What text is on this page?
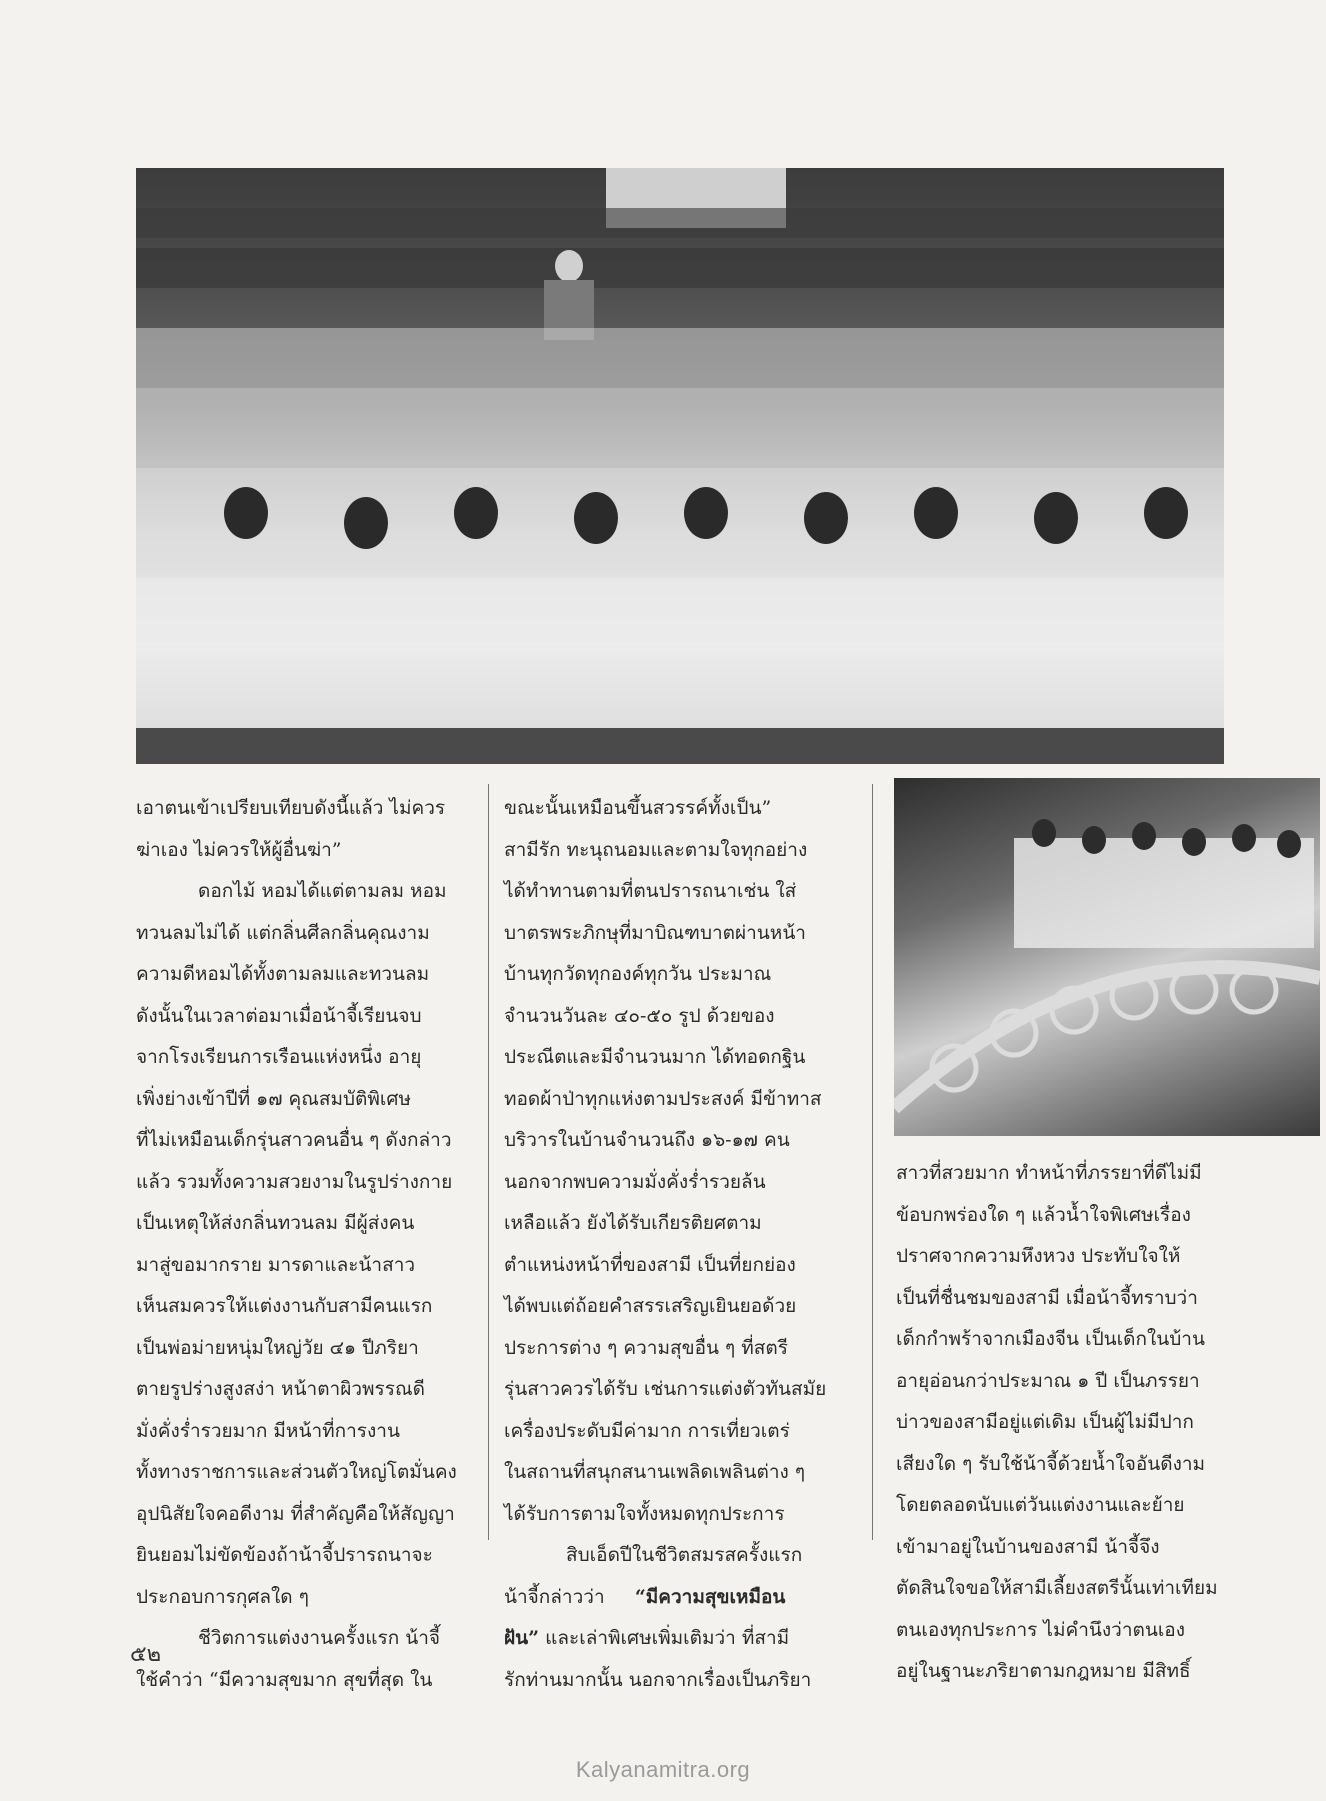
เอาตนเข้าเปรียบเทียบดังนี้แล้ว ไม่ควร

ฆ่าเอง ไม่ควรให้ผู้อื่นฆ่า”

ดอกไม้ หอมได้แต่ตามลม หอม

ทวนลมไม่ได้ แต่กลิ่นศีลกลิ่นคุณงาม

ความดีหอมได้ทั้งตามลมและทวนลม

ดังนั้นในเวลาต่อมาเมื่อน้าจี้เรียนจบ

จากโรงเรียนการเรือนแห่งหนึ่ง อายุ

เพิ่งย่างเข้าปีที่ ๑๗ คุณสมบัติพิเศษ

ที่ไม่เหมือนเด็กรุ่นสาวคนอื่น ๆ ดังกล่าว

แล้ว รวมทั้งความสวยงามในรูปร่างกาย

เป็นเหตุให้ส่งกลิ่นทวนลม มีผู้ส่งคน

มาสู่ขอมากราย มารดาและน้าสาว

เห็นสมควรให้แต่งงานกับสามีคนแรก

เป็นพ่อม่ายหนุ่มใหญ่วัย ๔๑ ปีภริยา

ตายรูปร่างสูงสง่า หน้าตาผิวพรรณดี

มั่งคั่งร่ำรวยมาก มีหน้าที่การงาน

ทั้งทางราชการและส่วนตัวใหญ่โตมั่นคง

อุปนิสัยใจคอดีงาม ที่สำคัญคือให้สัญญา

ยินยอมไม่ขัดข้องถ้าน้าจี้ปรารถนาจะ

ประกอบการกุศลใด ๆ

ชีวิตการแต่งงานครั้งแรก น้าจี้

ใช้คำว่า “มีความสุขมาก สุขที่สุด ใน

ขณะนั้นเหมือนขึ้นสวรรค์ทั้งเป็น”

สามีรัก ทะนุถนอมและตามใจทุกอย่าง

ได้ทำทานตามที่ตนปรารถนาเช่น ใส่

บาตรพระภิกษุที่มาบิณฑบาตผ่านหน้า

บ้านทุกวัดทุกองค์ทุกวัน ประมาณ

จำนวนวันละ ๔๐-๕๐ รูป ด้วยของ

ประณีตและมีจำนวนมาก ได้ทอดกฐิน

ทอดผ้าป่าทุกแห่งตามประสงค์ มีข้าทาส

บริวารในบ้านจำนวนถึง ๑๖-๑๗ คน

นอกจากพบความมั่งคั่งร่ำรวยล้น

เหลือแล้ว ยังได้รับเกียรติยศตาม

ตำแหน่งหน้าที่ของสามี เป็นที่ยกย่อง

ได้พบแต่ถ้อยคำสรรเสริญเยินยอด้วย

ประการต่าง ๆ ความสุขอื่น ๆ ที่สตรี

รุ่นสาวควรได้รับ เช่นการแต่งตัวทันสมัย

เครื่องประดับมีค่ามาก การเที่ยวเตร่

ในสถานที่สนุกสนานเพลิดเพลินต่าง ๆ

ได้รับการตามใจทั้งหมดทุกประการ

สิบเอ็ดปีในชีวิตสมรสครั้งแรก

น้าจี้กล่าวว่า “มีความสุขเหมือน

ฝัน” และเล่าพิเศษเพิ่มเติมว่า ที่สามี

รักท่านมากนั้น นอกจากเรื่องเป็นภริยา

สาวที่สวยมาก ทำหน้าที่ภรรยาที่ดีไม่มี

ข้อบกพร่องใด ๆ แล้วน้ำใจพิเศษเรื่อง

ปราศจากความหึงหวง ประทับใจให้

เป็นที่ชื่นชมของสามี เมื่อน้าจี้ทราบว่า

เด็กกำพร้าจากเมืองจีน เป็นเด็กในบ้าน

อายุอ่อนกว่าประมาณ ๑ ปี เป็นภรรยา

บ่าวของสามีอยู่แต่เดิม เป็นผู้ไม่มีปาก

เสียงใด ๆ รับใช้น้าจี้ด้วยน้ำใจอันดีงาม

โดยตลอดนับแต่วันแต่งงานและย้าย

เข้ามาอยู่ในบ้านของสามี น้าจี้จึง

ตัดสินใจขอให้สามีเลี้ยงสตรีนั้นเท่าเทียม

ตนเองทุกประการ ไม่คำนึงว่าตนเอง

อยู่ในฐานะภริยาตามกฎหมาย มีสิทธิ์

๕๒
Kalyanamitra.org
